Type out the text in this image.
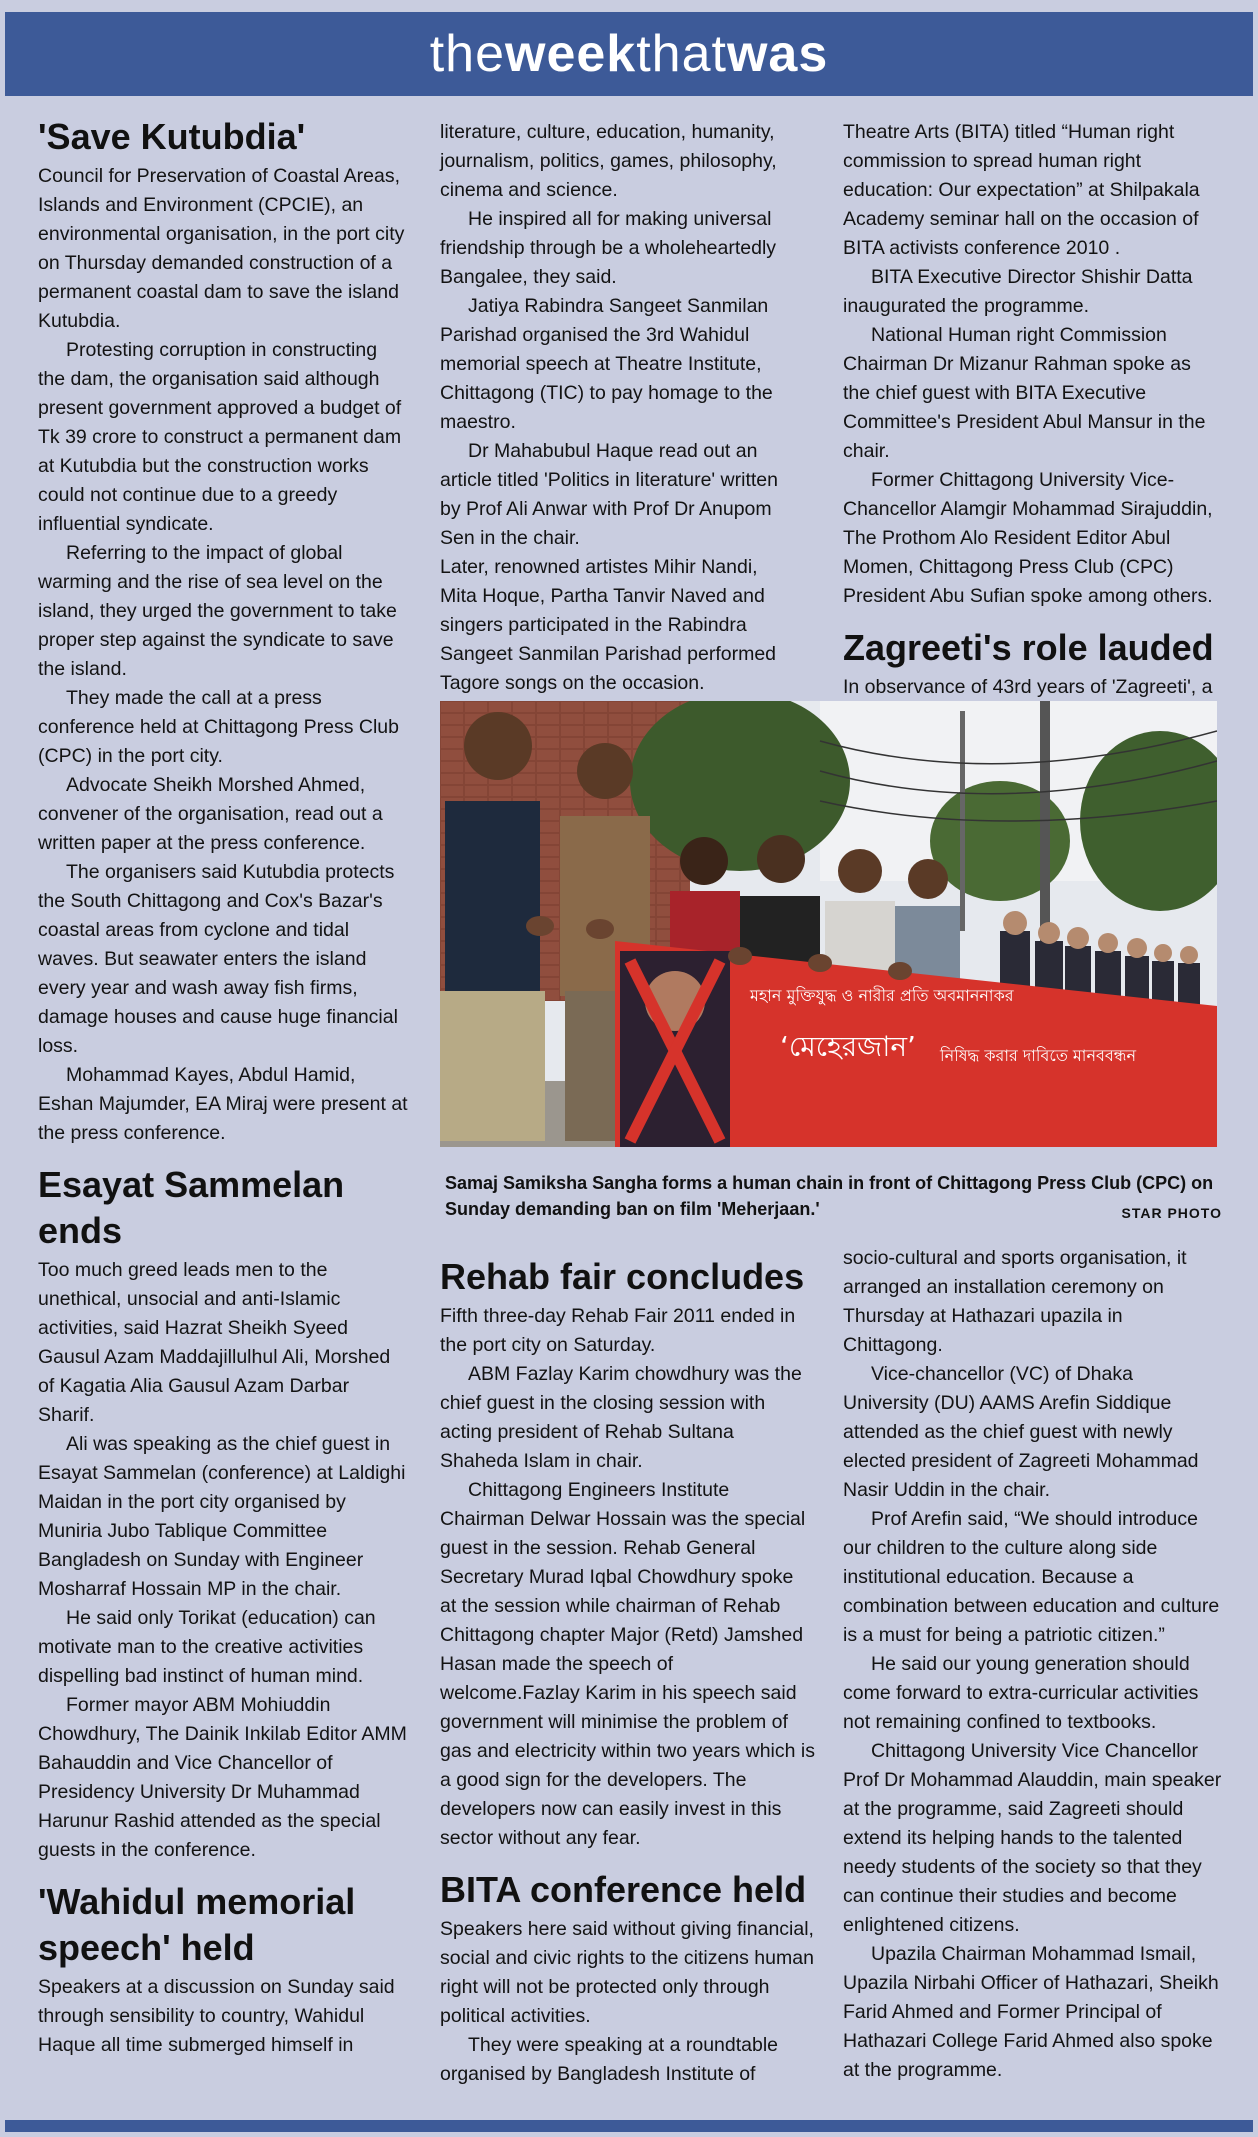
theweekthatwas
'Save Kutubdia'

Council for Preservation of Coastal Areas, Islands and Environment (CPCIE), an environmental organisation, in the port city on Thursday demanded construction of a permanent coastal dam to save the island Kutubdia.

Protesting corruption in constructing the dam, the organisation said although present government approved a budget of Tk 39 crore to construct a permanent dam at Kutubdia but the construction works could not continue due to a greedy influential syndicate.

Referring to the impact of global warming and the rise of sea level on the island, they urged the government to take proper step against the syndicate to save the island.

They made the call at a press conference held at Chittagong Press Club (CPC) in the port city.

Advocate Sheikh Morshed Ahmed, convener of the organisation, read out a written paper at the press conference.

The organisers said Kutubdia protects the South Chittagong and Cox's Bazar's coastal areas from cyclone and tidal waves. But seawater enters the island every year and wash away fish firms, damage houses and cause huge financial loss.

Mohammad Kayes, Abdul Hamid, Eshan Majumder, EA Miraj were present at the press conference.

Esayat Sammelan ends

Too much greed leads men to the unethical, unsocial and anti-Islamic activities, said Hazrat Sheikh Syeed Gausul Azam Maddajillulhul Ali, Morshed of Kagatia Alia Gausul Azam Darbar Sharif.

Ali was speaking as the chief guest in Esayat Sammelan (conference) at Laldighi Maidan in the port city organised by Muniria Jubo Tablique Committee Bangladesh on Sunday with Engineer Mosharraf Hossain MP in the chair.

He said only Torikat (education) can motivate man to the creative activities dispelling bad instinct of human mind.

Former mayor ABM Mohiuddin Chowdhury, The Dainik Inkilab Editor AMM Bahauddin and Vice Chancellor of Presidency University Dr Muhammad Harunur Rashid attended as the special guests in the conference.

'Wahidul memorial speech' held

Speakers at a discussion on Sunday said through sensibility to country, Wahidul Haque all time submerged himself in

literature, culture, education, humanity, journalism, politics, games, philosophy, cinema and science.

He inspired all for making universal friendship through be a wholeheartedly Bangalee, they said.

Jatiya Rabindra Sangeet Sanmilan Parishad organised the 3rd Wahidul memorial speech at Theatre Institute, Chittagong (TIC) to pay homage to the maestro.

Dr Mahabubul Haque read out an article titled 'Politics in literature' written by Prof Ali Anwar with Prof Dr Anupom Sen in the chair.

Later, renowned artistes Mihir Nandi, Mita Hoque, Partha Tanvir Naved and singers participated in the Rabindra Sangeet Sanmilan Parishad performed Tagore songs on the occasion.

Theatre Arts (BITA) titled “Human right commission to spread human right education: Our expectation” at Shilpakala Academy seminar hall on the occasion of BITA activists conference 2010 .

BITA Executive Director Shishir Datta inaugurated the programme.

National Human right Commission Chairman Dr Mizanur Rahman spoke as the chief guest with BITA Executive Committee's President Abul Mansur in the chair.

Former Chittagong University Vice-Chancellor Alamgir Mohammad Sirajuddin, The Prothom Alo Resident Editor Abul Momen, Chittagong Press Club (CPC) President Abu Sufian spoke among others.

Zagreeti's role lauded

In observance of 43rd years of 'Zagreeti', a

মহান মুক্তিযুদ্ধ ও নারীর প্রতি অবমাননাকর
‘মেহেরজান’ নিষিদ্ধ করার দাবিতে মানববন্ধন
Samaj Samiksha Sangha forms a human chain in front of Chittagong Press Club (CPC) on Sunday demanding ban on film 'Meherjaan.'	STAR PHOTO
Rehab fair concludes

Fifth three-day Rehab Fair 2011 ended in the port city on Saturday.

ABM Fazlay Karim chowdhury was the chief guest in the closing session with acting president of Rehab Sultana Shaheda Islam in chair.

Chittagong Engineers Institute Chairman Delwar Hossain was the special guest in the session. Rehab General Secretary Murad Iqbal Chowdhury spoke at the session while chairman of Rehab Chittagong chapter Major (Retd) Jamshed Hasan made the speech of welcome.Fazlay Karim in his speech said government will minimise the problem of gas and electricity within two years which is a good sign for the developers. The developers now can easily invest in this sector without any fear.

BITA conference held

Speakers here said without giving financial, social and civic rights to the citizens human right will not be protected only through political activities.

They were speaking at a roundtable organised by Bangladesh Institute of

socio-cultural and sports organisation, it arranged an installation ceremony on Thursday at Hathazari upazila in Chittagong.

Vice-chancellor (VC) of Dhaka University (DU) AAMS Arefin Siddique attended as the chief guest with newly elected president of Zagreeti Mohammad Nasir Uddin in the chair.

Prof Arefin said, “We should introduce our children to the culture along side institutional education. Because a combination between education and culture is a must for being a patriotic citizen.”

He said our young generation should come forward to extra-curricular activities not remaining confined to textbooks.

Chittagong University Vice Chancellor Prof Dr Mohammad Alauddin, main speaker at the programme, said Zagreeti should extend its helping hands to the talented needy students of the society so that they can continue their studies and become enlightened citizens.

Upazila Chairman Mohammad Ismail, Upazila Nirbahi Officer of Hathazari, Sheikh Farid Ahmed and Former Principal of Hathazari College Farid Ahmed also spoke at the programme.
